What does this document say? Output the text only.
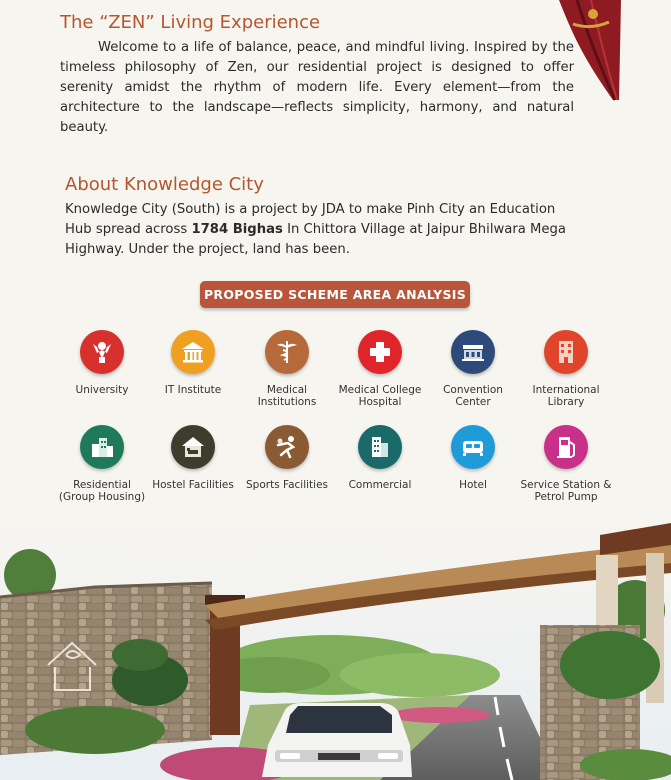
The “ZEN” Living Experience
Welcome to a life of balance, peace, and mindful living. Inspired by the timeless philosophy of Zen, our residential project is designed to offer serenity amidst the rhythm of modern life. Every element—from the architecture to the landscape—reflects simplicity, harmony, and natural beauty.
About Knowledge City
Knowledge City (South) is a project by JDA to make Pinh City an Education Hub spread across 1784 Bighas In Chittora Village at Jaipur Bhilwara Mega Highway. Under the project, land has been.
PROPOSED SCHEME AREA ANALYSIS
University	IT Institute	Medical Institutions
Medical College Hospital
Convention Center
International Library
Residential (Group Housing)
Hostel Facilities	Sports Facilities	Commercial	Hotel	Service Station & Petrol Pump
